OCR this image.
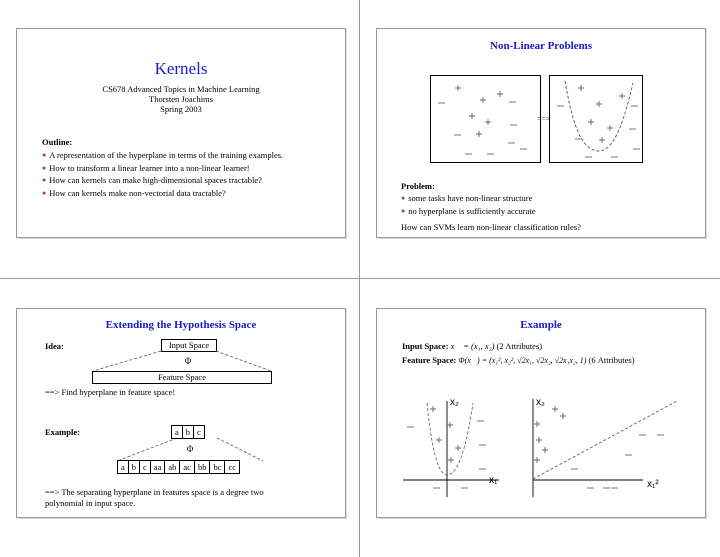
Kernels
CS678 Advanced Topics in Machine Learning
Thorsten Joachims
Spring 2003
Outline:
● A representation of the hyperplane in terms of the training examples.
● How to transform a linear learner into a non-linear learner!
● How can kernels can make high-dimensional spaces tractable?
● How can kernels make non-vectorial data tractable?
Non-Linear Problems
==>
Problem:
● some tasks have non-linear structure
● no hyperplane is sufficiently accurate
How can SVMs learn non-linear classification rules?
Extending the Hypothesis Space
Idea:	Input Space
Φ
Feature Space
==> Find hyperplane in feature space!
Example:	a b c
Φ
a b c aa ab ac bb bc cc
==> The separating hyperplane in features space is a degree two
polynomial in input space.
Example
Input Space: x⃗ = (x₁, x₂) (2 Attributes)
Feature Space: Φ(x⃗) = (x₁², x₂², √2x₁, √2x₂, √2x₁x₂, 1) (6 Attributes)
x₂
x₁
x₂
x₁²
